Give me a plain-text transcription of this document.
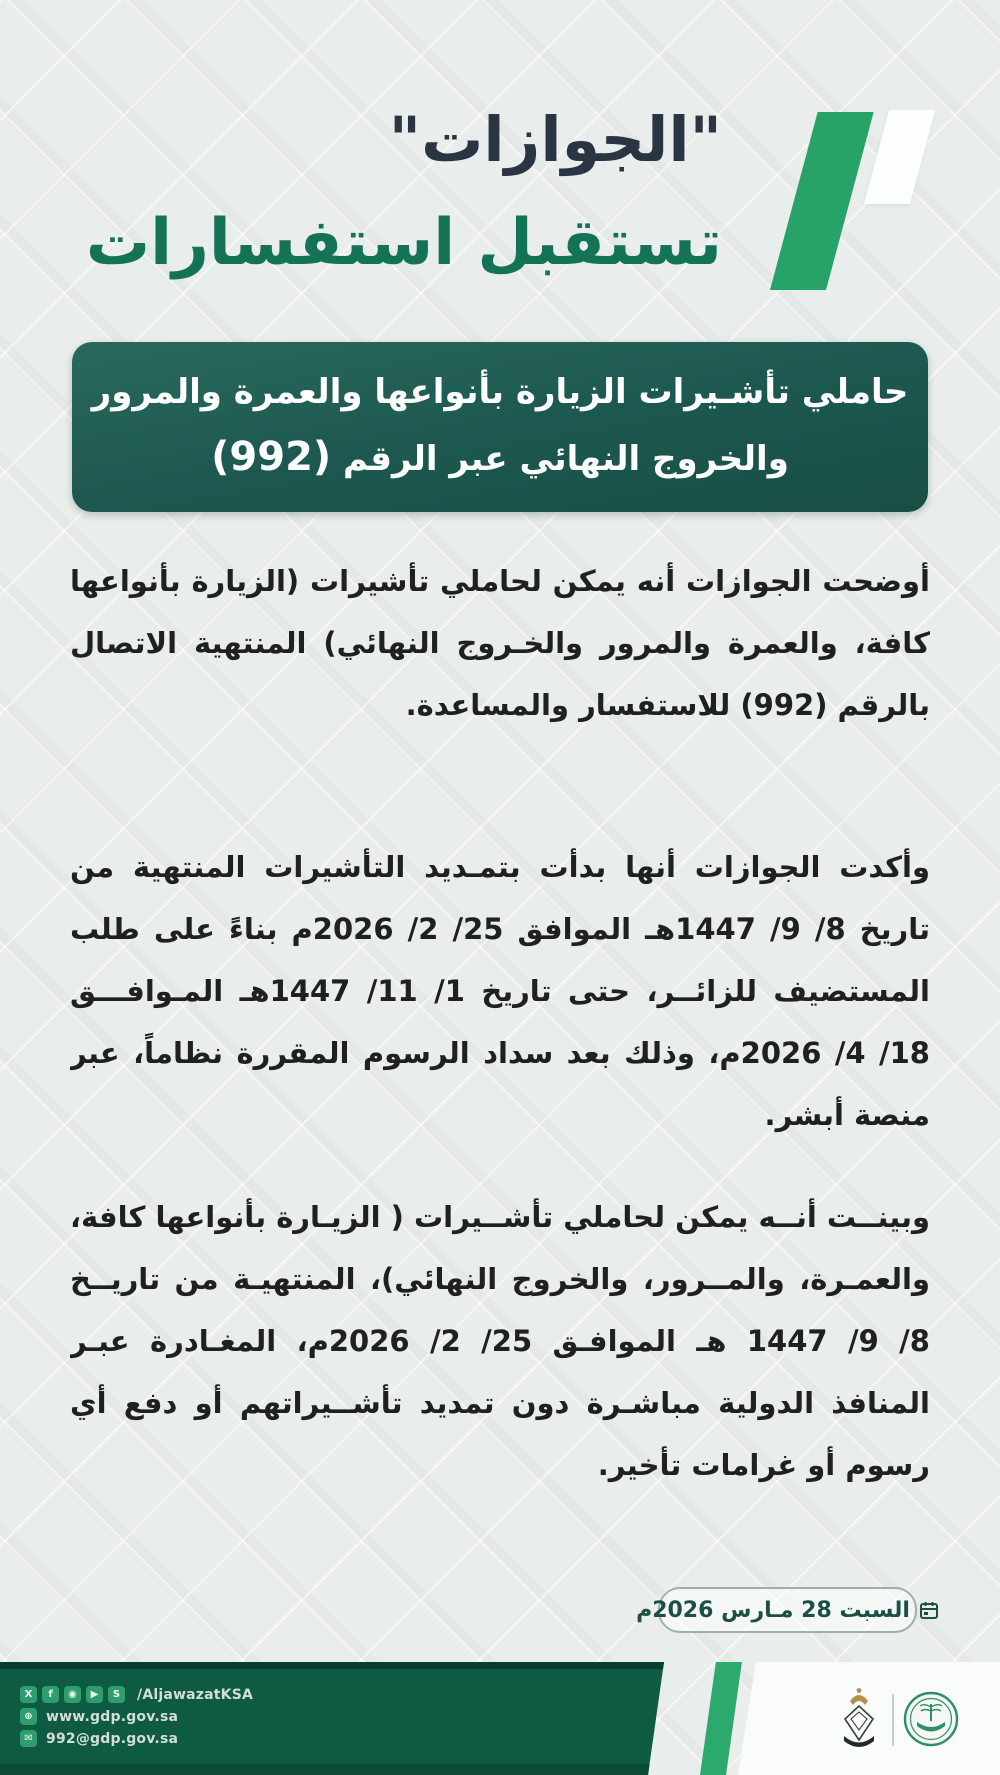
"الجوازات"
تستقبل استفسارات
حاملي تأشـيرات الزيارة بأنواعها والعمرة والمرور
والخروج النهائي عبر الرقم (992)
أوضحت الجوازات أنه يمكن لحاملي تأشيرات (الزيارة بأنواعها
كافة، والعمرة والمرور والخـروج النهائي) المنتهية الاتصال
بالرقم (992) للاستفسار والمساعدة.
وأكدت الجوازات أنها بدأت بتمـديد التأشيرات المنتهية من
تاريخ 8/ 9/ 1447هـ الموافق 25/ 2/ 2026م بناءً على طلب
المستضيف للزائــر، حتى تاريخ 1/ 11/ 1447هـ المـوافـــق
18/ 4/ 2026م، وذلك بعد سداد الرسوم المقررة نظاماً، عبر
منصة أبشر.
وبينــت أنــه يمكن لحاملي تأشــيرات ( الزيـارة بأنواعها كافة،
والعمـرة، والمــرور، والخروج النهائي)، المنتهيـة من تاريــخ
8/ 9/ 1447 هـ الموافـق 25/ 2/ 2026م، المغـادرة عبـر
المنافذ الدولية مباشـرة دون تمديد تأشــيراتهم أو دفع أي
رسوم أو غرامات تأخير.
السبت 28 مـارس 2026م
X f ◉ ▶ S /AljawazatKSA
⊕ www.gdp.gov.sa
✉ 992@gdp.gov.sa
